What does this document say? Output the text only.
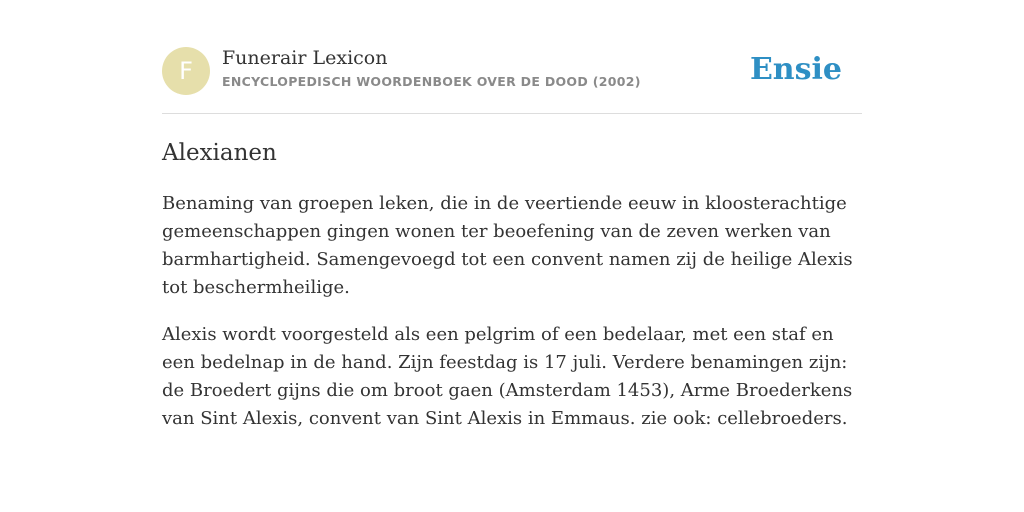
F	Funerair Lexicon
ENCYCLOPEDISCH WOORDENBOEK OVER DE DOOD (2002)	Ensie
Alexianen

Benaming van groepen leken, die in de veertiende eeuw in kloosterachtige gemeenschappen gingen wonen ter beoefening van de zeven werken van barmhartigheid. Samengevoegd tot een convent namen zij de heilige Alexis tot beschermheilige.

Alexis wordt voorgesteld als een pelgrim of een bedelaar, met een staf en een bedelnap in de hand. Zijn feestdag is 17 juli. Verdere benamingen zijn: de Broedert gijns die om broot gaen (Amsterdam 1453), Arme Broederkens van Sint Alexis, convent van Sint Alexis in Emmaus. zie ook: cellebroeders.
